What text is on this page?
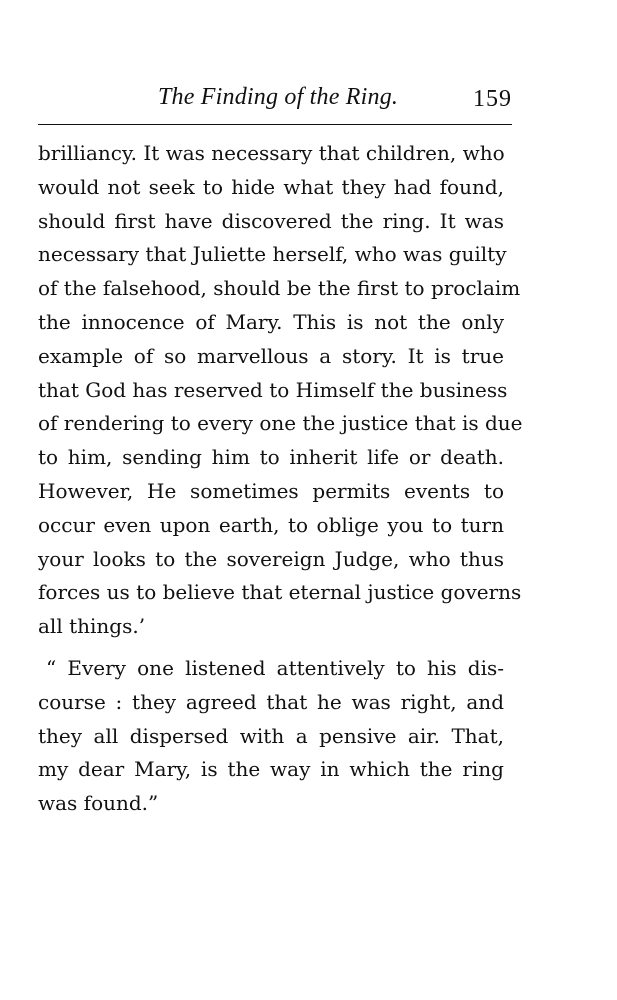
The Finding of the Ring.	159
brilliancy. It was necessary that children, who
would not seek to hide what they had found,
should first have discovered the ring. It was
necessary that Juliette herself, who was guilty
of the falsehood, should be the first to proclaim
the innocence of Mary. This is not the only
example of so marvellous a story. It is true
that God has reserved to Himself the business
of rendering to every one the justice that is due
to him, sending him to inherit life or death.
However, He sometimes permits events to
occur even upon earth, to oblige you to turn
your looks to the sovereign Judge, who thus
forces us to believe that eternal justice governs
all things.’
“ Every one listened attentively to his dis-
course : they agreed that he was right, and
they all dispersed with a pensive air. That,
my dear Mary, is the way in which the ring
was found.”
